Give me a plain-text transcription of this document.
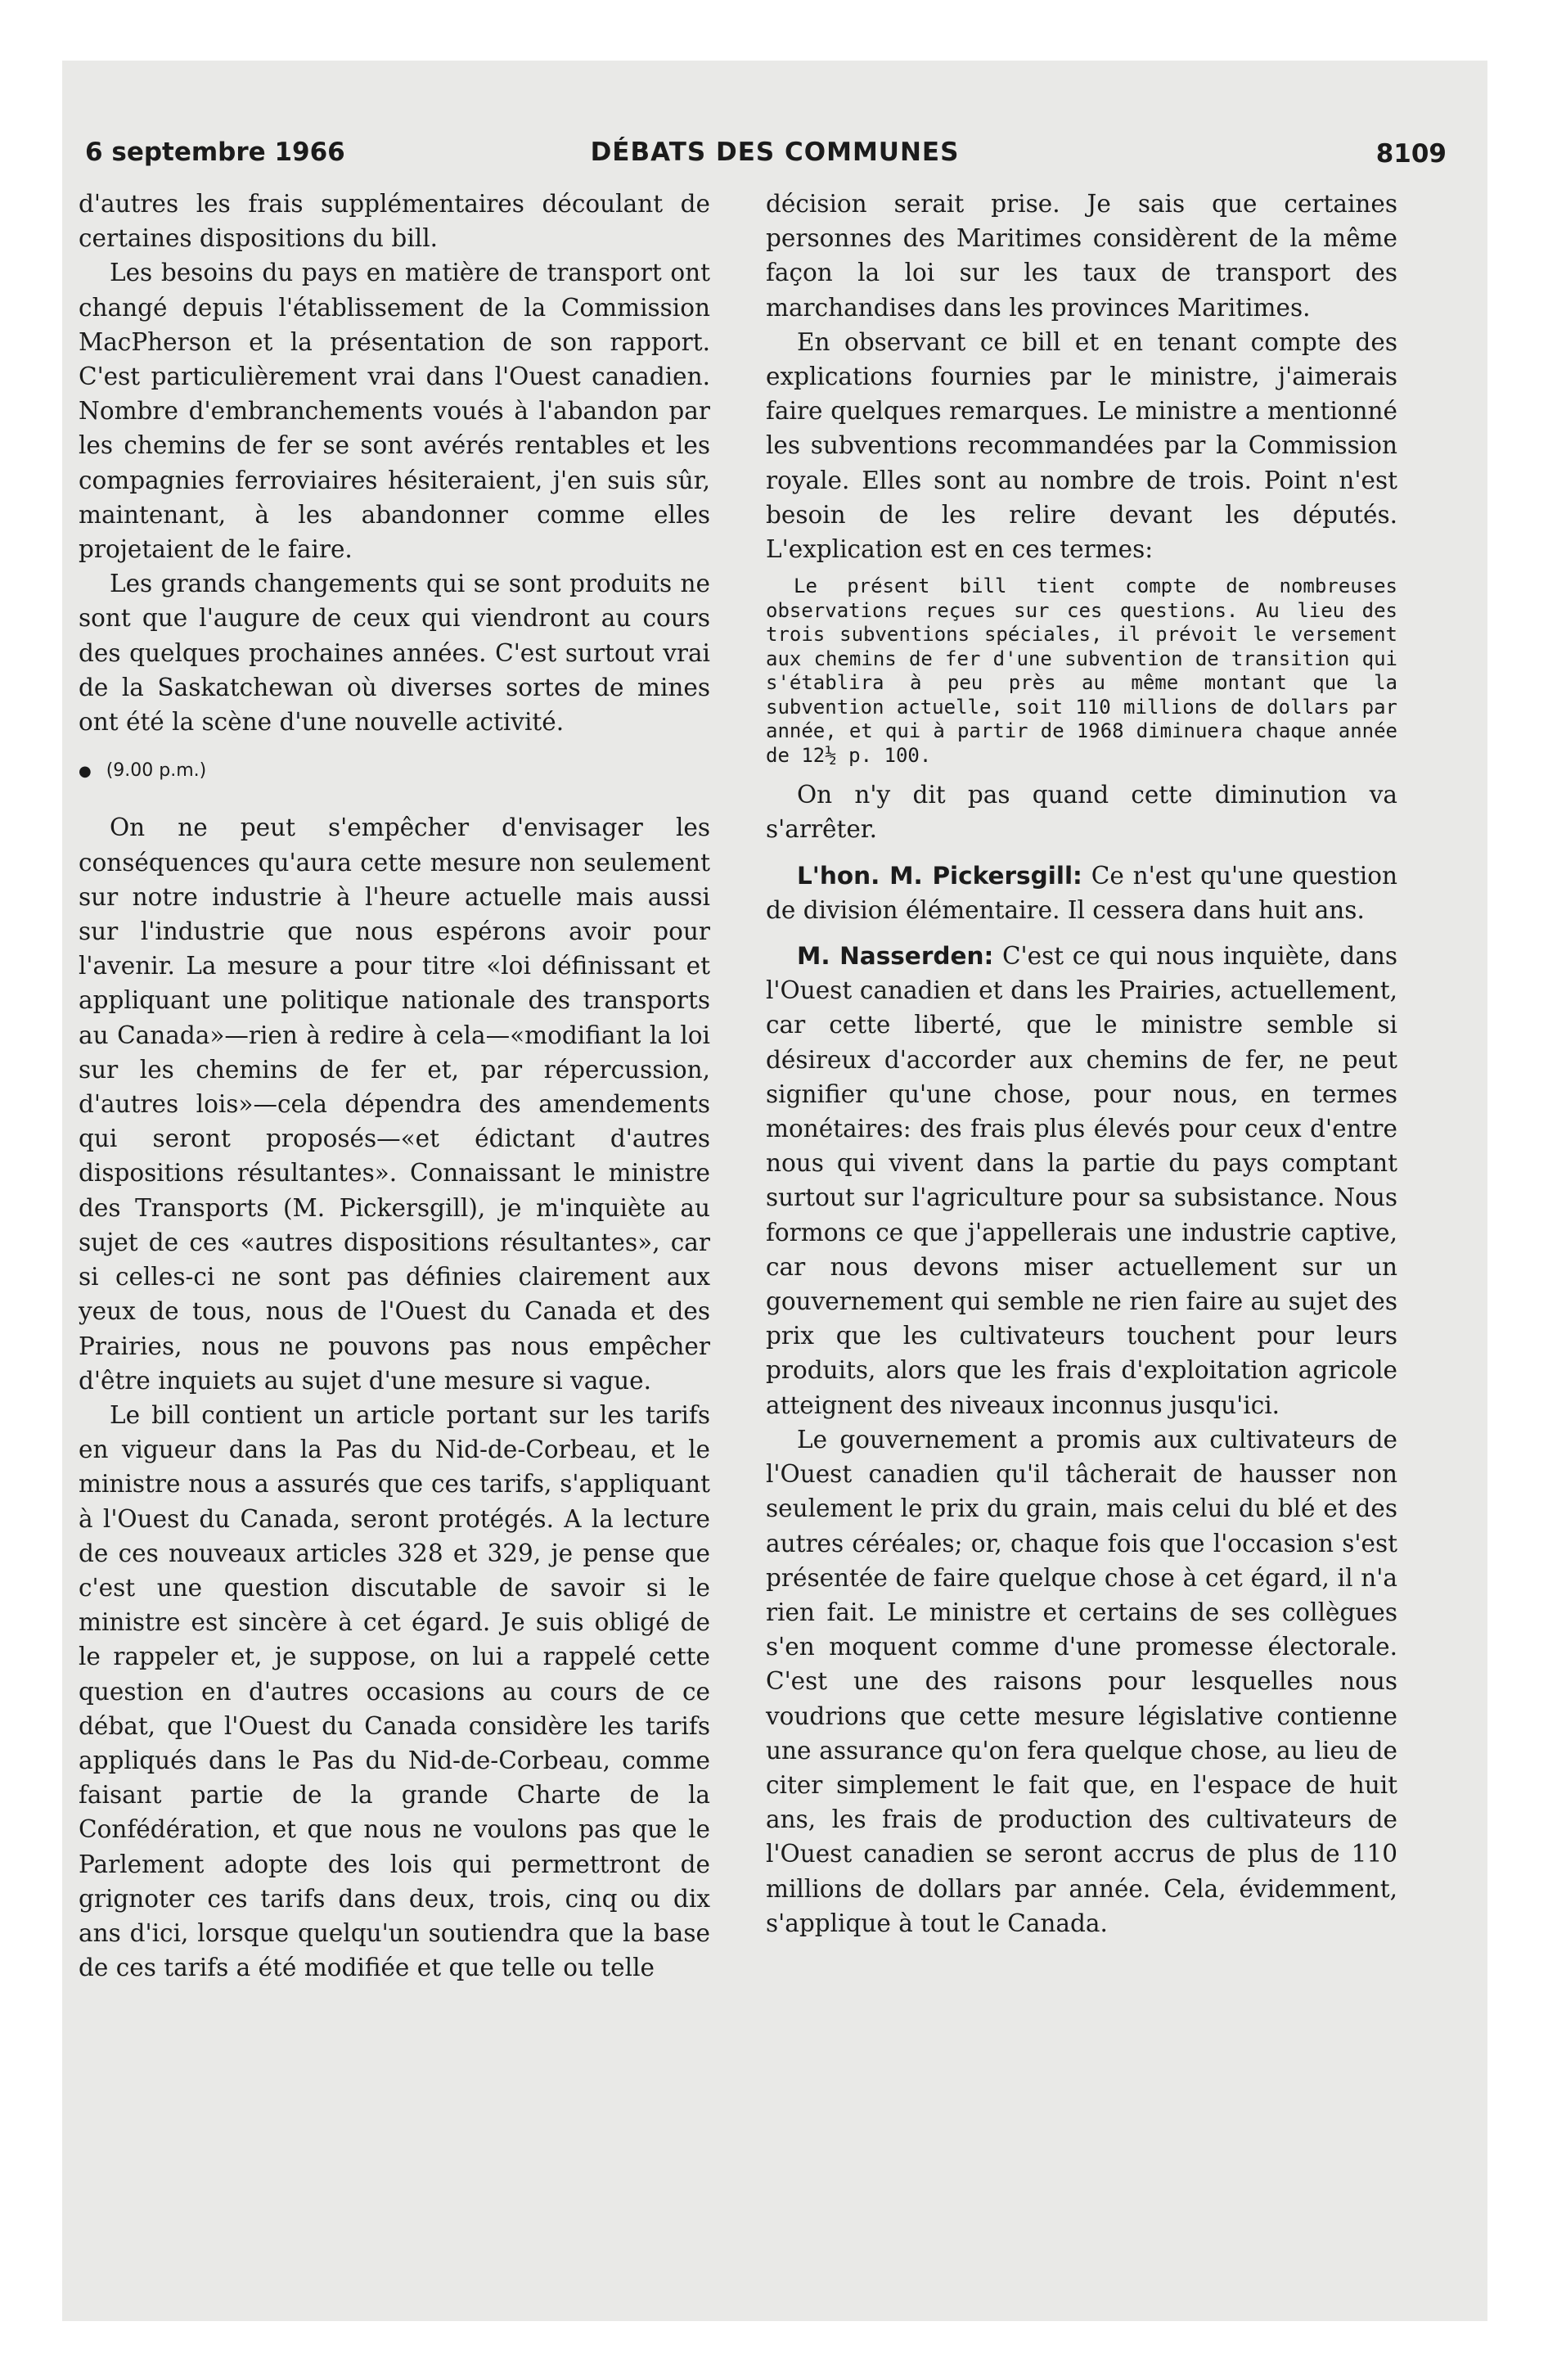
6 septembre 1966	DÉBATS DES COMMUNES	8109

d'autres les frais supplémentaires découlant de certaines dispositions du bill.

Les besoins du pays en matière de transport ont changé depuis l'établissement de la Commission MacPherson et la présentation de son rapport. C'est particulièrement vrai dans l'Ouest canadien. Nombre d'embranchements voués à l'abandon par les chemins de fer se sont avérés rentables et les compagnies ferroviaires hésiteraient, j'en suis sûr, maintenant, à les abandonner comme elles projetaient de le faire.

Les grands changements qui se sont produits ne sont que l'augure de ceux qui viendront au cours des quelques prochaines années. C'est surtout vrai de la Saskatchewan où diverses sortes de mines ont été la scène d'une nouvelle activité.

● (9.00 p.m.)

On ne peut s'empêcher d'envisager les conséquences qu'aura cette mesure non seulement sur notre industrie à l'heure actuelle mais aussi sur l'industrie que nous espérons avoir pour l'avenir. La mesure a pour titre «loi définissant et appliquant une politique nationale des transports au Canada»—rien à redire à cela—«modifiant la loi sur les chemins de fer et, par répercussion, d'autres lois»—cela dépendra des amendements qui seront proposés—«et édictant d'autres dispositions résultantes». Connaissant le ministre des Transports (M. Pickersgill), je m'inquiète au sujet de ces «autres dispositions résultantes», car si celles-ci ne sont pas définies clairement aux yeux de tous, nous de l'Ouest du Canada et des Prairies, nous ne pouvons pas nous empêcher d'être inquiets au sujet d'une mesure si vague.

Le bill contient un article portant sur les tarifs en vigueur dans la Pas du Nid-de-Corbeau, et le ministre nous a assurés que ces tarifs, s'appliquant à l'Ouest du Canada, seront protégés. A la lecture de ces nouveaux articles 328 et 329, je pense que c'est une question discutable de savoir si le ministre est sincère à cet égard. Je suis obligé de le rappeler et, je suppose, on lui a rappelé cette question en d'autres occasions au cours de ce débat, que l'Ouest du Canada considère les tarifs appliqués dans le Pas du Nid-de-Corbeau, comme faisant partie de la grande Charte de la Confédération, et que nous ne voulons pas que le Parlement adopte des lois qui permettront de grignoter ces tarifs dans deux, trois, cinq ou dix ans d'ici, lorsque quelqu'un soutiendra que la base de ces tarifs a été modifiée et que telle ou telle

décision serait prise. Je sais que certaines personnes des Maritimes considèrent de la même façon la loi sur les taux de transport des marchandises dans les provinces Maritimes.

En observant ce bill et en tenant compte des explications fournies par le ministre, j'aimerais faire quelques remarques. Le ministre a mentionné les subventions recommandées par la Commission royale. Elles sont au nombre de trois. Point n'est besoin de les relire devant les députés. L'explication est en ces termes:

Le présent bill tient compte de nombreuses observations reçues sur ces questions. Au lieu des trois subventions spéciales, il prévoit le versement aux chemins de fer d'une subvention de transition qui s'établira à peu près au même montant que la subvention actuelle, soit 110 millions de dollars par année, et qui à partir de 1968 diminuera chaque année de 12½ p. 100.

On n'y dit pas quand cette diminution va s'arrêter.

L'hon. M. Pickersgill: Ce n'est qu'une question de division élémentaire. Il cessera dans huit ans.

M. Nasserden: C'est ce qui nous inquiète, dans l'Ouest canadien et dans les Prairies, actuellement, car cette liberté, que le ministre semble si désireux d'accorder aux chemins de fer, ne peut signifier qu'une chose, pour nous, en termes monétaires: des frais plus élevés pour ceux d'entre nous qui vivent dans la partie du pays comptant surtout sur l'agriculture pour sa subsistance. Nous formons ce que j'appellerais une industrie captive, car nous devons miser actuellement sur un gouvernement qui semble ne rien faire au sujet des prix que les cultivateurs touchent pour leurs produits, alors que les frais d'exploitation agricole atteignent des niveaux inconnus jusqu'ici.

Le gouvernement a promis aux cultivateurs de l'Ouest canadien qu'il tâcherait de hausser non seulement le prix du grain, mais celui du blé et des autres céréales; or, chaque fois que l'occasion s'est présentée de faire quelque chose à cet égard, il n'a rien fait. Le ministre et certains de ses collègues s'en moquent comme d'une promesse électorale. C'est une des raisons pour lesquelles nous voudrions que cette mesure législative contienne une assurance qu'on fera quelque chose, au lieu de citer simplement le fait que, en l'espace de huit ans, les frais de production des cultivateurs de l'Ouest canadien se seront accrus de plus de 110 millions de dollars par année. Cela, évidemment, s'applique à tout le Canada.
